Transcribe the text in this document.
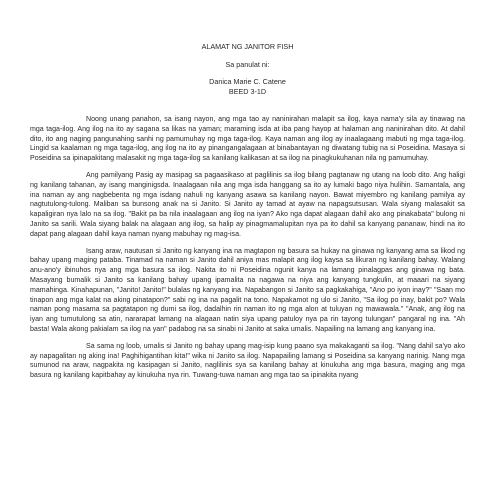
ALAMAT NG JANITOR FISH
Sa panulat ni:
Danica Marie C. Catene
BEED 3-1D

Noong unang panahon, sa isang nayon, ang mga tao ay naninirahan malapit sa ilog, kaya nama'y sila ay tinawag na mga taga-ilog. Ang ilog na ito ay sagana sa likas na yaman; maraming isda at iba pang hayop at halaman ang naninirahan dito. At dahil dito, ito ang naging pangunahing sanhi ng pamumuhay ng mga taga-ilog. Kaya naman ang ilog ay inaalagaang mabuti ng mga taga-ilog. Lingid sa kaalaman ng mga taga-ilog, ang ilog na ito ay pinangangalagaan at binabantayan ng diwatang tubig na si Poseidina. Masaya si Poseidina sa ipinapakitang malasakit ng mga taga-ilog sa kanilang kalikasan at sa ilog na pinagkukuhanan nila ng pamumuhay.

Ang pamilyang Pasig ay masipag sa pagaasikaso at paglilinis sa ilog bilang pagtanaw ng utang na loob dito. Ang haligi ng kanilang tahanan, ay isang manginigsda. Inaalagaan nila ang mga isda hanggang sa ito ay lumaki bago niya hulihin. Samantala, ang ina naman ay ang nagbebenta ng mga isdang nahuli ng kanyang asawa sa kanilang nayon. Bawat miyembro ng kanilang pamilya ay nagtutulong-tulong. Maliban sa bunsong anak na si Janito. Si Janito ay tamad at ayaw na napagsutsusan. Wala siyang malasakit sa kapaligiran nya lalo na sa ilog. "Bakit pa ba nila inaalagaan ang ilog na iyan? Ako nga dapat alagaan dahil ako ang pinakabata" bulong ni Janito sa sarili. Wala siyang balak na alagaan ang ilog, sa halip ay pinagmamalupitan nya pa ito dahil sa kanyang pananaw, hindi na ito dapat pang alagaan dahil kaya naman nyang mabuhay ng mag-isa.

Isang araw, nautusan si Janito ng kanyang ina na magtapon ng basura sa hukay na ginawa ng kanyang ama sa likod ng bahay upang maging pataba. Tinamad na naman si Janito dahil aniya mas malapit ang ilog kaysa sa likuran ng kanilang bahay. Walang anu-ano'y ibinuhos nya ang mga basura sa ilog. Nakita ito ni Poseidina ngunit kanya na lamang pinalagpas ang ginawa ng bata. Masayang bumalik si Janito sa kanilang bahay upang ipamalita na nagawa na niya ang kanyang tungkulin, at maaari na siyang mamahinga. Kinahapunan, "Janito! Janito!" bulalas ng kanyang ina. Napabangon si Janito sa pagkakahiga, "Ano po iyon inay?" "Saan mo tinapon ang mga kalat na aking pinatapon?" sabi ng ina na pagalit na tono. Napakamot ng ulo si Janito, "Sa ilog po inay, bakit po? Wala naman pong masama sa pagtatapon ng dumi sa ilog, dadalhin rin naman ito ng mga alon at tuluyan ng mawawala." "Anak, ang ilog na iyan ang tumutulong sa atin, nararapat lamang na alagaan natin siya upang patuloy nya pa rin tayong tulungan" pangaral ng ina. "Ah basta! Wala akong pakialam sa ilog na yan" padabog na sa sinabi ni Janito at saka umalis. Napailing na lamang ang kanyang ina.

Sa sama ng loob, umalis si Janito ng bahay upang mag-isip kung paano sya makakaganti sa ilog. "Nang dahil sa'yo ako ay napagalitan ng aking ina! Paghihigantihan kita!" wika ni Janito sa ilog. Napapailing lamang si Poseidina sa kanyang narinig. Nang mga sumunod na araw, nagpakita ng kasipagan si Janito, naglilinis sya sa kanilang bahay at kinukuha ang mga basura, maging ang mga basura ng kanilang kapitbahay ay kinukuha nya rin. Tuwang-tuwa naman ang mga tao sa ipinakita nyang
